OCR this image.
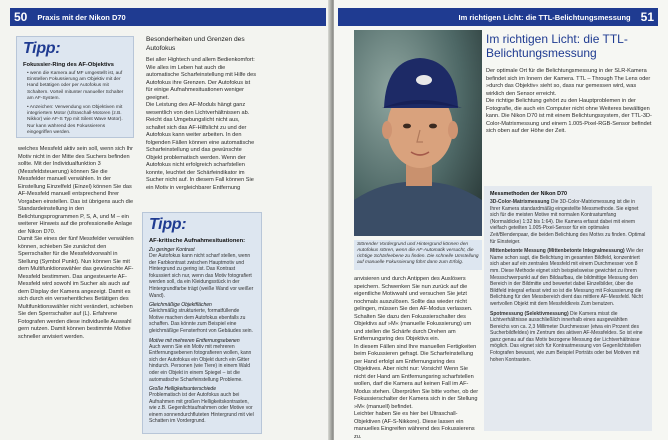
50 Praxis mit der Nikon D70
Tipp:
Fokussier-Ring des AF-Objektivs
• wenn die Kamera auf MF umgestellt ist, auf Einstellen Fokussierung am Objektiv mit der Hand betätigen oder per Autofokus mit Schaltern. Vorteil mitunter manueller Schalter am AF-System.
• Anzeichen: Verwendung von Objektiven mit integriertem Motor (Ultraschall-Motoren (z.B. Nikkor) wie AF-S Typ mit Silent Wave Motor). Nur kann während des Fokussierens eingegriffen werden.
welches Messfeld aktiv sein soll, wenn sich Ihr Motiv nicht in der Mitte des Suchers befinden sollte. Mit der Individualfunktion 3 (Messfeldsteuerung) können Sie die Messfelder manuell verwählen. In der Einstellung Einzelfeld (Einzel) können Sie das AF-Messfeld manuell entsprechend Ihrer Vorgaben einstellen. Das ist übrigens auch die Standardeinstellung in den Belichtungsprogrammen P, S, A, und M – ein weiterer Hinweis auf die professionelle Anlage der Nikon D70.
Damit Sie eines der fünf Messfelder verwählen können, schieben Sie zunächst den Sperrschalter für die Messfeldvorwahl in Stellung (Symbol Punkt). Nun können Sie mit dem Multifunktionswähler das gewünschte AF-Messfeld bestimmen. Das angesteuerte AF-Messfeld wird sowohl im Sucher als auch auf dem Display der Kamera angezeigt. Damit es sich durch ein versehentliches Betätigen des Multifunktionswähler nicht verändert, schieben Sie den Sperrschalter auf (L). Erfahrene Fotografen werden diese individuelle Auswahl gern nutzen. Damit können bestimmte Motive schneller anvisiert werden.
Besonderheiten und Grenzen des Autofokus
Bei aller Hightech und allem Bedienkomfort: Wie alles im Leben hat auch die automatische Scharfeinstellung mit Hilfe des Autofokus ihre Grenzen. Der Autofokus ist für einige Aufnahmesituationen weniger geeignet.
Die Leistung des AF-Moduls hängt ganz wesentlich von den Lichtverhältnissen ab. Reicht das Umgebungslicht nicht aus, schaltet sich das AF-Hilfslicht zu und der Autofokus kann weiter arbeiten. In den folgenden Fällen können eine automatische Scharfeinstellung und das gewünschte Objekt problematisch werden. Wenn der Autofokus nicht erfolgreich scharfstellen konnte, leuchtet der Schärfeindikator im Sucher nicht auf. In diesem Fall können Sie ein Motiv in vergleichbarer Entfernung
Tipp:
AF-kritische Aufnahmesituationen:
Zu geringer Kontrast
Der Autofokus kann nicht scharf stellen, wenn der Farbkontrast zwischen Hauptmotiv und Hintergrund zu gering ist. Das Kontrast fokussiert sich nur, wenn das Motiv fotografiert werden soll, da ein Kleidungsstück in der Hintergrundfarbe trägt (weiße Wand vor weißer Wand).
Gleichmäßige Objektflächen
Gleichmäßig strukturierte, formatfüllende Motive machen dem Autofokus ebenfalls zu schaffen. Das könnte zum Beispiel eine gleichmäßige Fensterfront von Gebäudes sein.
Motive mit mehreren Entfernungsebenen
Auch wenn Sie ein Motiv mit mehreren Entfernungsebenen fotografieren wollen, kann sich der Autofokus ein Objekt durch ein Gitter hindurch. Personen (wie Tiere) in einem Wald oder ein Objekt in einem Spiegel – ist die automatische Scharfeinstellung Probleme.
Große Helligkeitsunterschiede
Problematisch ist der Autofokus auch bei Aufnahmen mit großen Helligkeitskontrasten, wie z.B. Gegenlichtaufnahmen oder Motive vor einem sonnendurchfluteten Hintergrund mit viel Schatten im Vordergrund.
Im richtigen Licht: die TTL-Belichtungsmessung 51
Störender Vordergrund und Hintergrund können den Autofokus stören, wenn die AF-Automatik versucht, die richtige Schärfeebene zu finden. Die schnelle Umstellung auf manuelle Fokussierung führt dann zum Erfolg.
anvisieren und durch Antippen des Auslösers speichern. Schwenken Sie nun zurück auf die eigentliche Motivwahl und versuchen Sie jetzt nochmals auszulösen. Sollte das wieder nicht gelingen, müssen Sie den AF-Modus verlassen. Schalten Sie dazu den Fokussierschalter des Objektivs auf »M« (manuelle Fokussierung) um und stellen die Schärfe durch Drehen am Entfernungsring des Objektivs ein.
In diesem Fällen sind Ihre manuellen Fertigkeiten beim Fokussieren gefragt. Die Scharfeinstellung per Hand erfolgt am Entfernungsring des Objektives. Aber nicht nur: Vorsicht! Wenn Sie nicht der Hand am Entfernungsring scharfstellen wollen, darf die Kamera auf keinen Fall im AF-Modus stehen. Überprüfen Sie bitte vorher, ob der Fokussierschalter der Kamera sich in der Stellung »M« (manuell) befindet.
Leichter haben Sie es hier bei Ultraschall-Objektiven (AF-S-Nikkore). Diese lassen ein manuelles Eingreifen während des Fokussierens zu.
Im richtigen Licht: die TTL-Belichtungsmessung
Der optimale Ort für die Belichtungsmessung in der SLR-Kamera befindet sich im Innern der Kamera. TTL – Through The Lens oder »durch das Objektiv« sieht so, dass nur gemessen wird, was wirklich den Sensor erreicht.
Die richtige Belichtung gehört zu den Hauptproblemen in der Fotografie, die auch ein Computer nicht ohne Weiteres bewältigen kann. Die Nikon D70 ist mit einem Belichtungssystem, der TTL-3D-Color-Matrixmessung und einem 1.005-Pixel-RGB-Sensor befindet sich oben auf der Höhe der Zeit.
Messmethoden der Nikon D70
3D-Color-Matrixmessung Die 3D-Color-Matrixmessung ist die in Ihrer Kamera standardmäßig eingestellte Messmethode. Sie eignet sich für die meisten Motive mit normalen Kontrastumfang (Normaldicke) 1:32 bis 1:64). Die Kamera erfasst dabei mit einem vielfach geteilten 1.005-Pixel-Sensor für ein optimales Zeit/Blendenpaar, die beiden Belichtung des Motivs zu finden. Optimal für Einsteiger.
Mittenbetonte Messung (Mittenbetonte Integralmessung) Wie der Name schon sagt, die Belichtung im gesamten Bildfeld, konzentriert sich aber auf ein zentrales Messfeld mit einem Durchmesser von 8 mm. Diese Methode eignet sich beispielsweise gewichtet zu ihrem Messschwerpunkt auf den Bildaufbau, die bildmittige Messung den Bereich in der Bildmitte und bewertet dabei Einzelbilder, über die Bildfeld integral erfasst wird so ist die Messung mit Fokussierung die Belichtung für den Messbereich dient das mittlere AF-Messfeld. Nicht wertvollen Objekt mit dem Messfeldkreis Zum benutzen.
Spotmessung (Selektivmessung) Die Kamera misst die Lichtverhältnisse ausschließlich innerhalb eines ausgewählten Bereichs von ca. 2,3 Millimeter Durchmesser (etwa ein Prozent des Sucherbildfeldes) im Zentrum des aktiven AF-Messfeldes. So ist eine ganz genau auf das Motiv bezogene Messung der Lichtverhältnisse möglich. Das eignet sich für Kontrastmessung von Gegenlichtstellen Fotografen bewusst, wie zum Beispiel Porträts oder bei Motiven mit hohen Kontrasten.
